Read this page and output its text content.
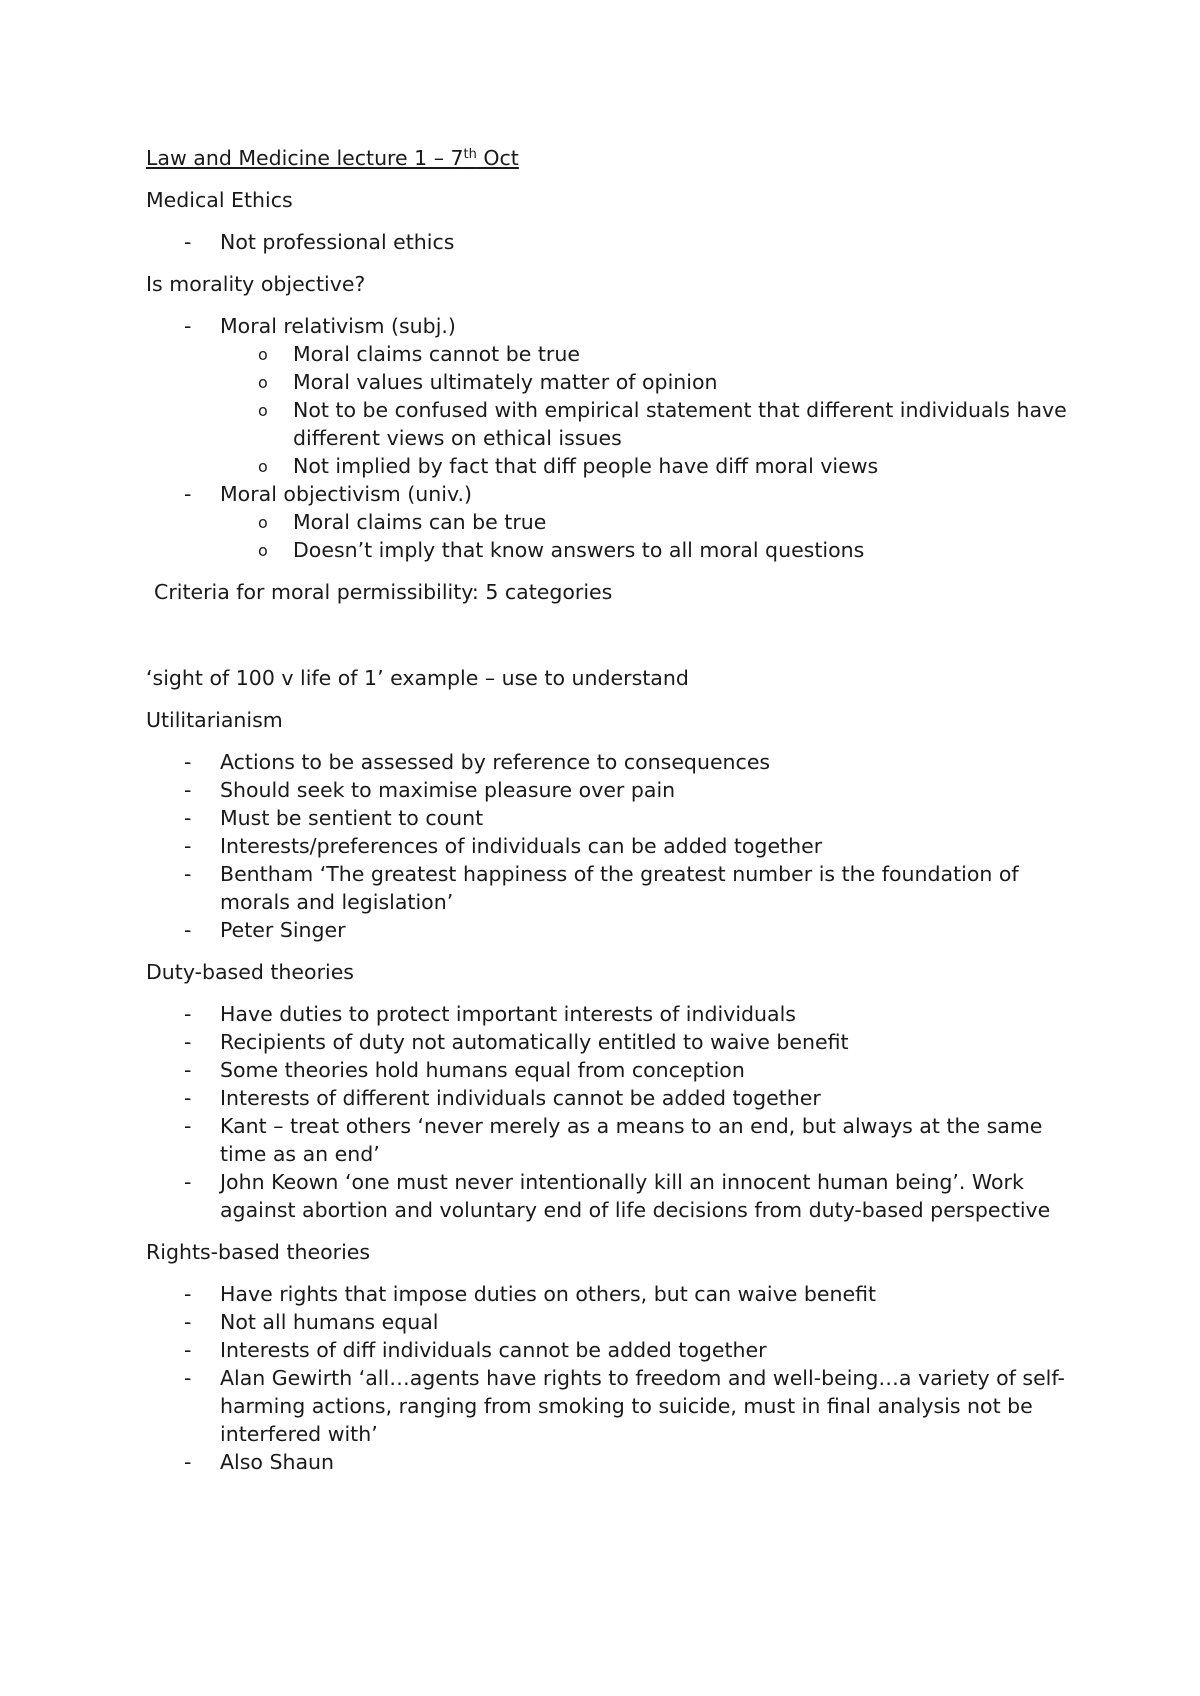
Law and Medicine lecture 1 – 7th Oct

Medical Ethics

- Not professional ethics

Is morality objective?

- Moral relativism (subj.)
o Moral claims cannot be true
o Moral values ultimately matter of opinion
o Not to be confused with empirical statement that different individuals have different views on ethical issues
o Not implied by fact that diff people have diff moral views
- Moral objectivism (univ.)
o Moral claims can be true
o Doesn’t imply that know answers to all moral questions

Criteria for moral permissibility: 5 categories

‘sight of 100 v life of 1’ example – use to understand

Utilitarianism

- Actions to be assessed by reference to consequences
- Should seek to maximise pleasure over pain
- Must be sentient to count
- Interests/preferences of individuals can be added together
- Bentham ‘The greatest happiness of the greatest number is the foundation of morals and legislation’
- Peter Singer

Duty-based theories

- Have duties to protect important interests of individuals
- Recipients of duty not automatically entitled to waive benefit
- Some theories hold humans equal from conception
- Interests of different individuals cannot be added together
- Kant – treat others ‘never merely as a means to an end, but always at the same time as an end’
- John Keown ‘one must never intentionally kill an innocent human being’. Work against abortion and voluntary end of life decisions from duty-based perspective

Rights-based theories

- Have rights that impose duties on others, but can waive benefit
- Not all humans equal
- Interests of diff individuals cannot be added together
- Alan Gewirth ‘all…agents have rights to freedom and well-being…a variety of self-harming actions, ranging from smoking to suicide, must in final analysis not be interfered with’
- Also Shaun
